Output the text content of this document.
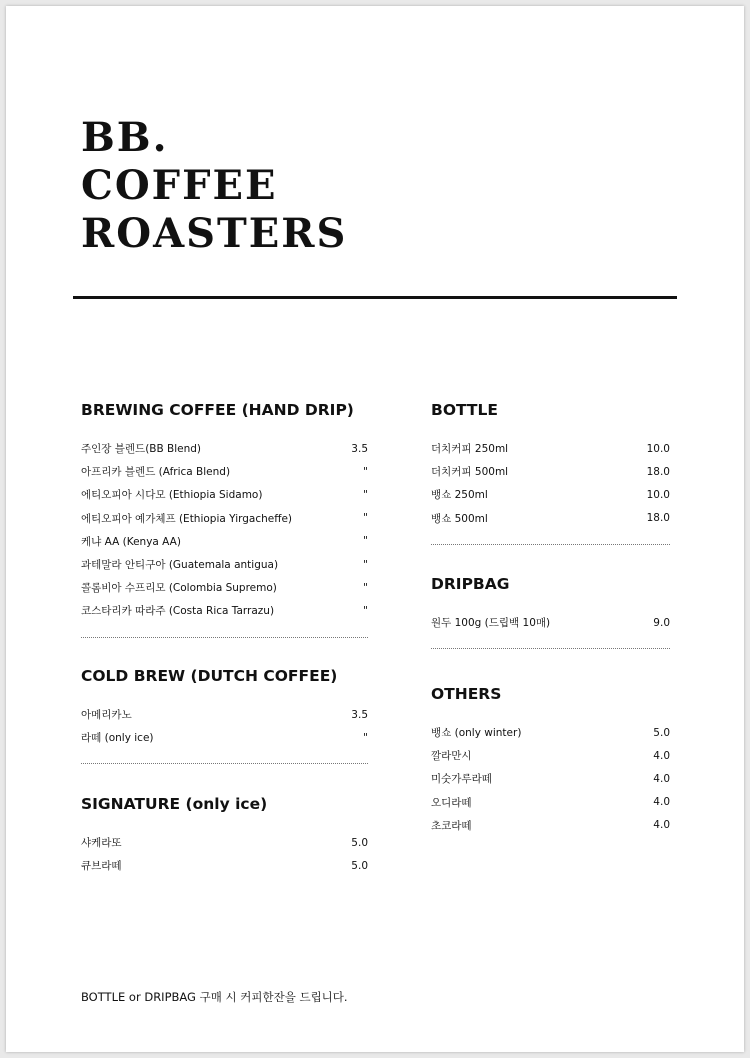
BB.
COFFEE
ROASTERS
BREWING COFFEE (HAND DRIP)
주인장 블렌드(BB Blend)	3.5
아프리카 블렌드 (Africa Blend)	"
에티오피아 시다모 (Ethiopia Sidamo)	"
에티오피아 예가체프 (Ethiopia Yirgacheffe)	"
케냐 AA (Kenya AA)	"
과테말라 안티구아 (Guatemala antigua)	"
콜롬비아 수프리모 (Colombia Supremo)	"
코스타리카 따라주 (Costa Rica Tarrazu)	"
COLD BREW (DUTCH COFFEE)
아메리카노	3.5
라떼 (only ice)	"
SIGNATURE (only ice)
샤케라또	5.0
큐브라떼	5.0
BOTTLE
더치커피 250ml	10.0
더치커피 500ml	18.0
뱅쇼 250ml	10.0
뱅쇼 500ml	18.0
DRIPBAG
원두 100g (드립백 10매)	9.0
OTHERS
뱅쇼 (only winter)	5.0
깔라만시	4.0
미숫가루라떼	4.0
오디라떼	4.0
초코라떼	4.0
BOTTLE or DRIPBAG 구매 시 커피한잔을 드립니다.
